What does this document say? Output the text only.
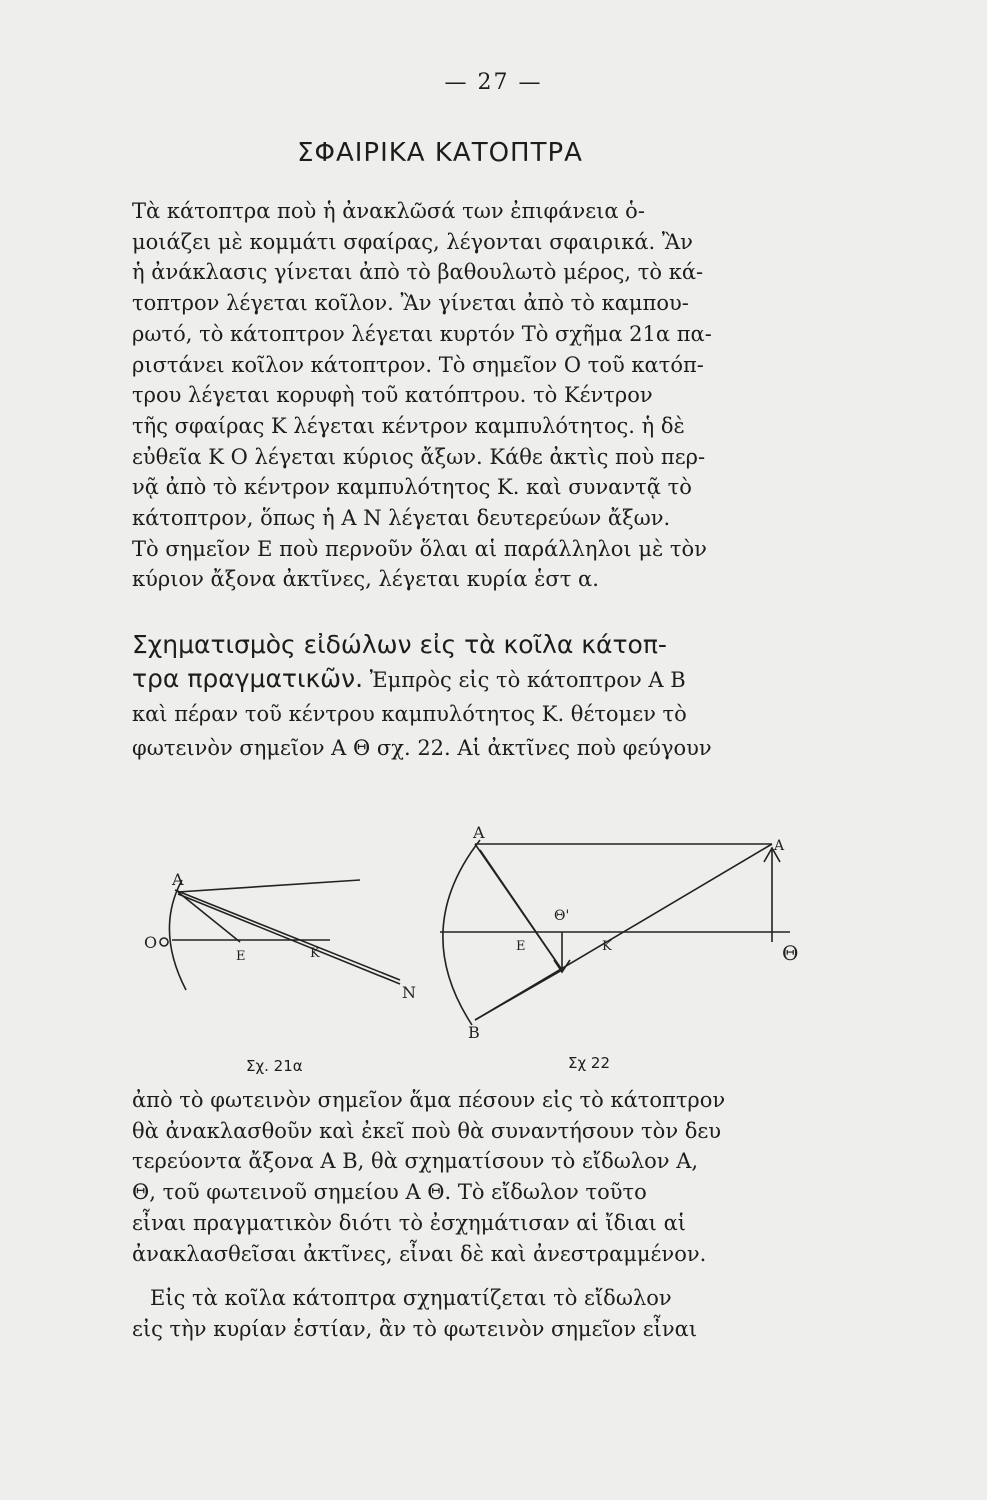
— 27 —
ΣΦΑΙΡΙΚΑ ΚΑΤΟΠΤΡΑ
Τὰ κάτοπτρα ποὺ ἡ ἀνακλῶσά των ἐπιφάνεια ὁ-
μοιάζει μὲ κομμάτι σφαίρας, λέγονται σφαιρικά. Ἂν
ἡ ἀνάκλασις γίνεται ἀπὸ τὸ βαθουλωτὸ μέρος, τὸ κά-
τοπτρον λέγεται κοῖλον. Ἂν γίνεται ἀπὸ τὸ καμπου-
ρωτό, τὸ κάτοπτρον λέγεται κυρτόν Τὸ σχῆμα 21α πα-
ριστάνει κοῖλον κάτοπτρον. Τὸ σημεῖον Ο τοῦ κατόπ-
τρου λέγεται κορυφὴ τοῦ κατόπτρου. τὸ Κέντρον
τῆς σφαίρας Κ λέγεται κέντρον καμπυλότητος. ἡ δὲ
εὐθεῖα Κ Ο λέγεται κύριος ἄξων. Κάθε ἀκτὶς ποὺ περ-
νᾷ ἀπὸ τὸ κέντρον καμπυλότητος Κ. καὶ συναντᾷ τὸ
κάτοπτρον, ὅπως ἡ Α Ν λέγεται δευτερεύων ἄξων.
Τὸ σημεῖον Ε ποὺ περνοῦν ὅλαι αἱ παράλληλοι μὲ τὸν
κύριον ἄξονα ἀκτῖνες, λέγεται κυρία ἑστ α.
Σχηματισμὸς εἰδώλων εἰς τὰ κοῖλα κάτοπ-
τρα πραγματικῶν. Ἐμπρὸς εἰς τὸ κάτοπτρον Α Β
καὶ πέραν τοῦ κέντρου καμπυλότητος Κ. θέτομεν τὸ
φωτεινὸν σημεῖον Α Θ σχ. 22. Αἱ ἀκτῖνες ποὺ φεύγουν
Α
Ο
Ε	Κ
Ν
Α
Β
Ε	Κ	Θ
Θ'
Α
Σχ. 21α	Σχ 22
ἀπὸ τὸ φωτεινὸν σημεῖον ἅμα πέσουν εἰς τὸ κάτοπτρον
θὰ ἀνακλασθοῦν καὶ ἐκεῖ ποὺ θὰ συναντήσουν τὸν δευ
τερεύοντα ἄξονα Α Β, θὰ σχηματίσουν τὸ εἴδωλον Α,
Θ, τοῦ φωτεινοῦ σημείου Α Θ. Τὸ εἴδωλον τοῦτο
εἶναι πραγματικὸν διότι τὸ ἐσχημάτισαν αἱ ἴδιαι αἱ
ἀνακλασθεῖσαι ἀκτῖνες, εἶναι δὲ καὶ ἀνεστραμμένον.
Εἰς τὰ κοῖλα κάτοπτρα σχηματίζεται τὸ εἴδωλον
εἰς τὴν κυρίαν ἑστίαν, ἂν τὸ φωτεινὸν σημεῖον εἶναι
